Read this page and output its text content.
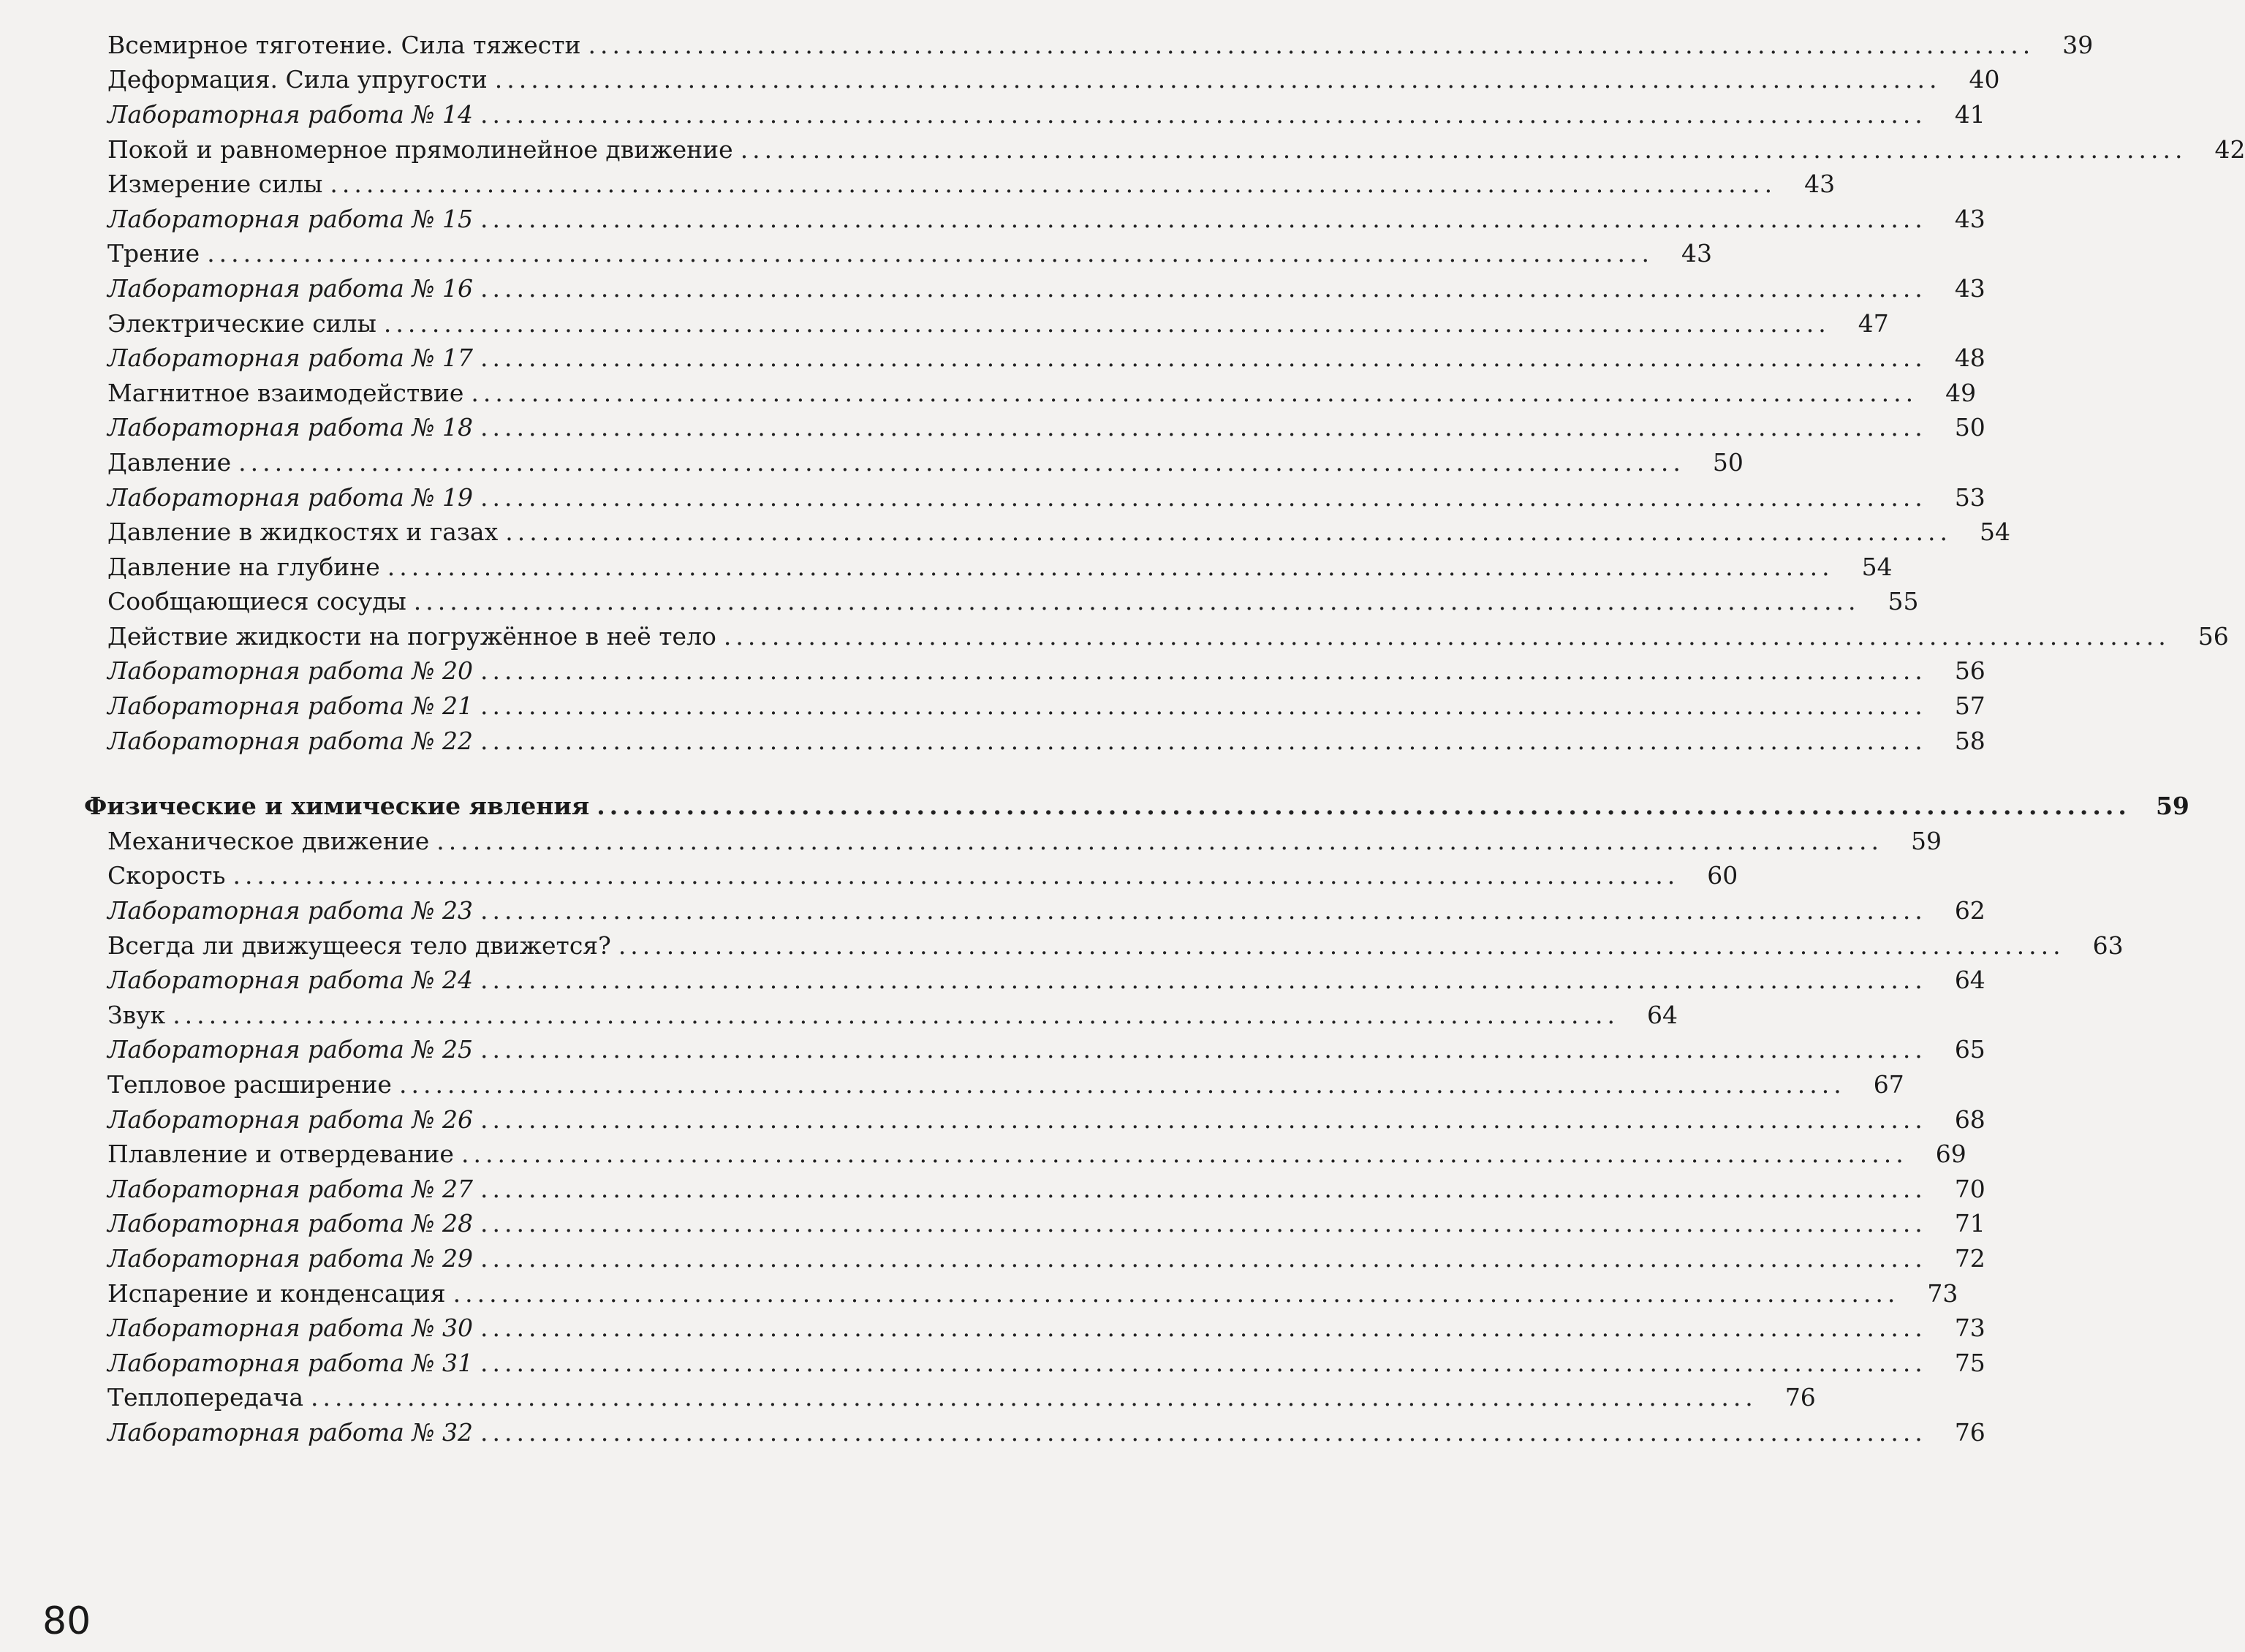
Всемирное тяготение. Сила тяжести ........................................................................................................................	39
Деформация. Сила упругости ........................................................................................................................	40
Лабораторная работа № 14 ........................................................................................................................	41
Покой и равномерное прямолинейное движение ........................................................................................................................	42
Измерение силы ........................................................................................................................	43
Лабораторная работа № 15 ........................................................................................................................	43
Трение ........................................................................................................................	43
Лабораторная работа № 16 ........................................................................................................................	43
Электрические силы ........................................................................................................................	47
Лабораторная работа № 17 ........................................................................................................................	48
Магнитное взаимодействие ........................................................................................................................	49
Лабораторная работа № 18 ........................................................................................................................	50
Давление ........................................................................................................................	50
Лабораторная работа № 19 ........................................................................................................................	53
Давление в жидкостях и газах ........................................................................................................................	54
Давление на глубине ........................................................................................................................	54
Сообщающиеся сосуды ........................................................................................................................	55
Действие жидкости на погружённое в неё тело ........................................................................................................................	56
Лабораторная работа № 20 ........................................................................................................................	56
Лабораторная работа № 21 ........................................................................................................................	57
Лабораторная работа № 22 ........................................................................................................................	58
Физические и химические явления ........................................................................................................................	59
Механическое движение ........................................................................................................................	59
Скорость ........................................................................................................................	60
Лабораторная работа № 23 ........................................................................................................................	62
Всегда ли движущееся тело движется? ........................................................................................................................	63
Лабораторная работа № 24 ........................................................................................................................	64
Звук ........................................................................................................................	64
Лабораторная работа № 25 ........................................................................................................................	65
Тепловое расширение ........................................................................................................................	67
Лабораторная работа № 26 ........................................................................................................................	68
Плавление и отвердевание ........................................................................................................................	69
Лабораторная работа № 27 ........................................................................................................................	70
Лабораторная работа № 28 ........................................................................................................................	71
Лабораторная работа № 29 ........................................................................................................................	72
Испарение и конденсация ........................................................................................................................	73
Лабораторная работа № 30 ........................................................................................................................	73
Лабораторная работа № 31 ........................................................................................................................	75
Теплопередача ........................................................................................................................	76
Лабораторная работа № 32 ........................................................................................................................	76
80
